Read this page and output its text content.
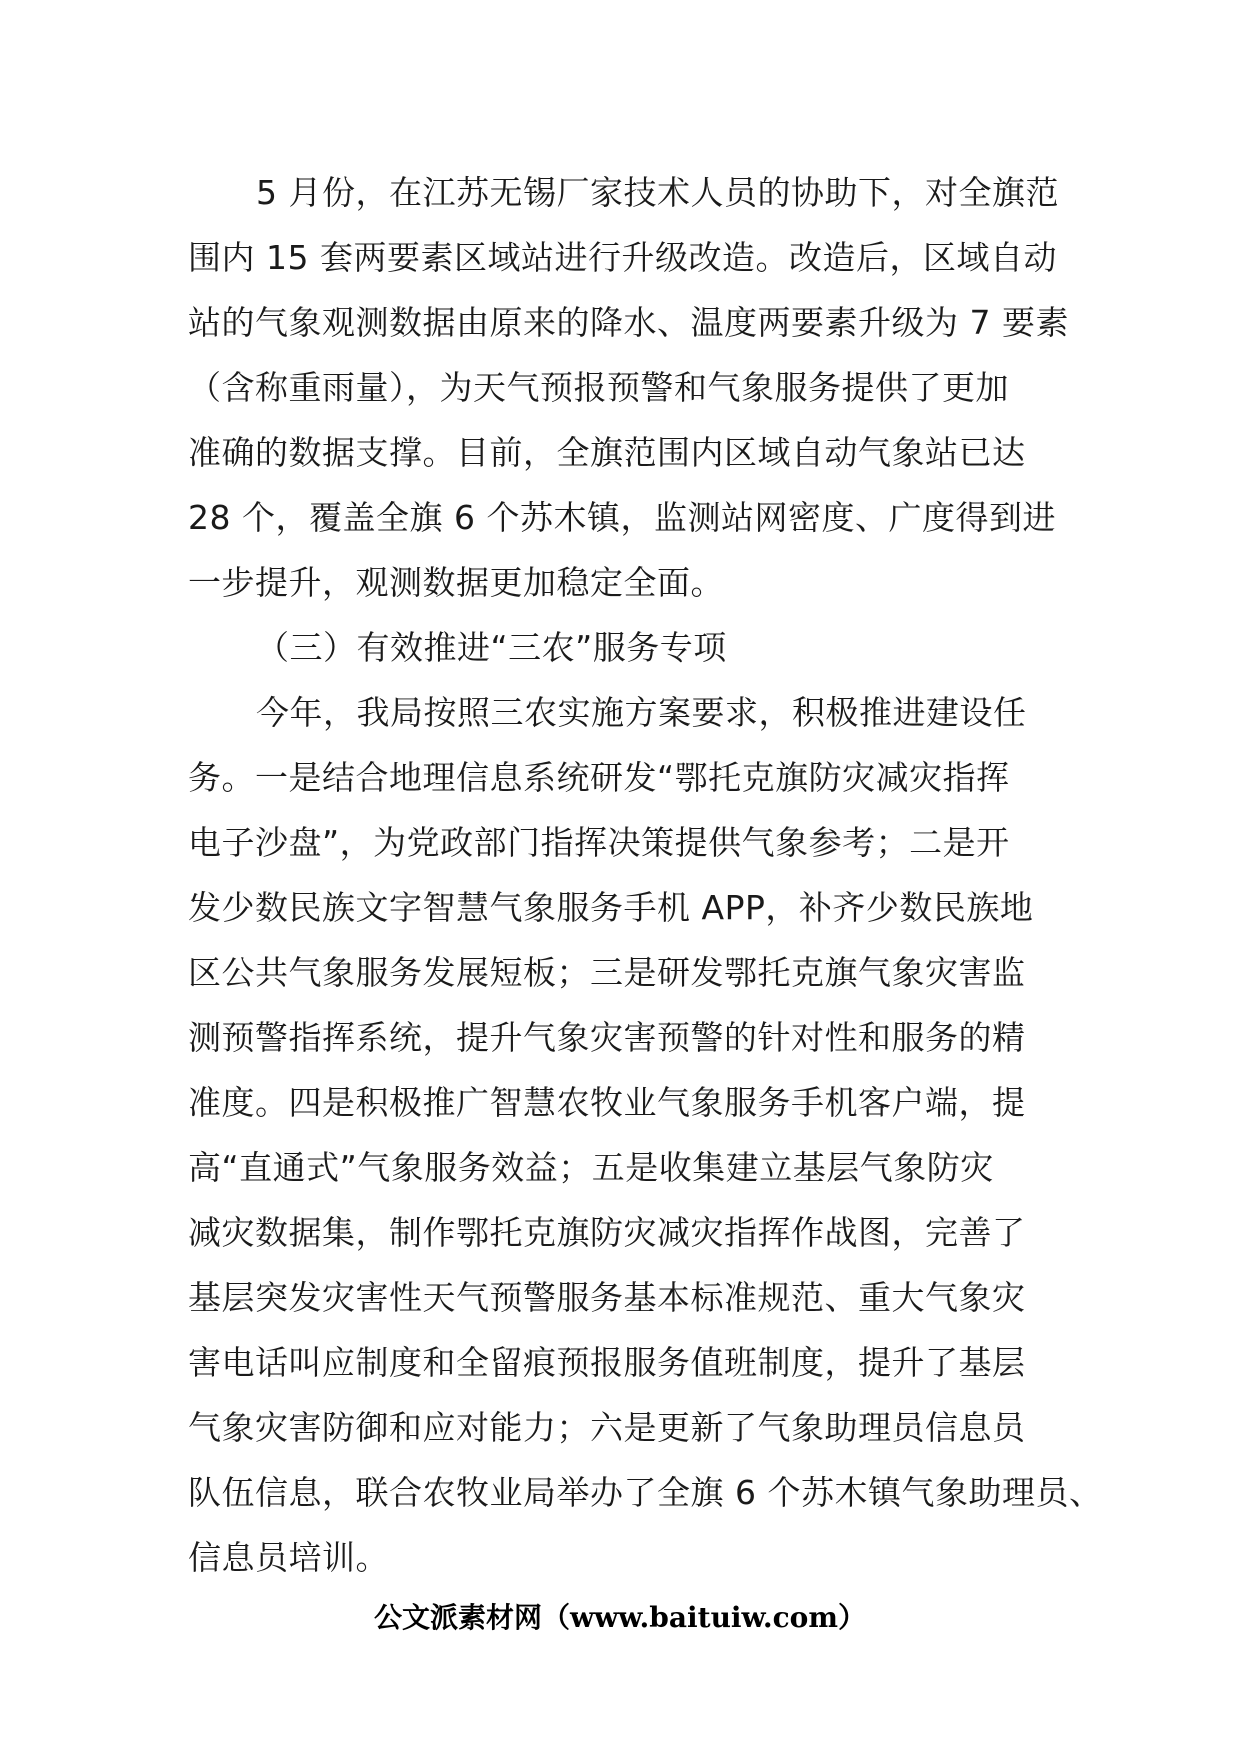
5 月份，在江苏无锡厂家技术人员的协助下，对全旗范
围内 15 套两要素区域站进行升级改造。改造后，区域自动
站的气象观测数据由原来的降水、温度两要素升级为 7 要素
（含称重雨量），为天气预报预警和气象服务提供了更加
准确的数据支撑。目前，全旗范围内区域自动气象站已达
28 个，覆盖全旗 6 个苏木镇，监测站网密度、广度得到进
一步提升，观测数据更加稳定全面。
（三）有效推进“三农”服务专项
今年，我局按照三农实施方案要求，积极推进建设任
务。一是结合地理信息系统研发“鄂托克旗防灾减灾指挥
电子沙盘”，为党政部门指挥决策提供气象参考；二是开
发少数民族文字智慧气象服务手机 APP，补齐少数民族地
区公共气象服务发展短板；三是研发鄂托克旗气象灾害监
测预警指挥系统，提升气象灾害预警的针对性和服务的精
准度。四是积极推广智慧农牧业气象服务手机客户端，提
高“直通式”气象服务效益；五是收集建立基层气象防灾
减灾数据集，制作鄂托克旗防灾减灾指挥作战图，完善了
基层突发灾害性天气预警服务基本标准规范、重大气象灾
害电话叫应制度和全留痕预报服务值班制度，提升了基层
气象灾害防御和应对能力；六是更新了气象助理员信息员
队伍信息，联合农牧业局举办了全旗 6 个苏木镇气象助理员、
信息员培训。
公文派素材网（www.baituiw.com）
